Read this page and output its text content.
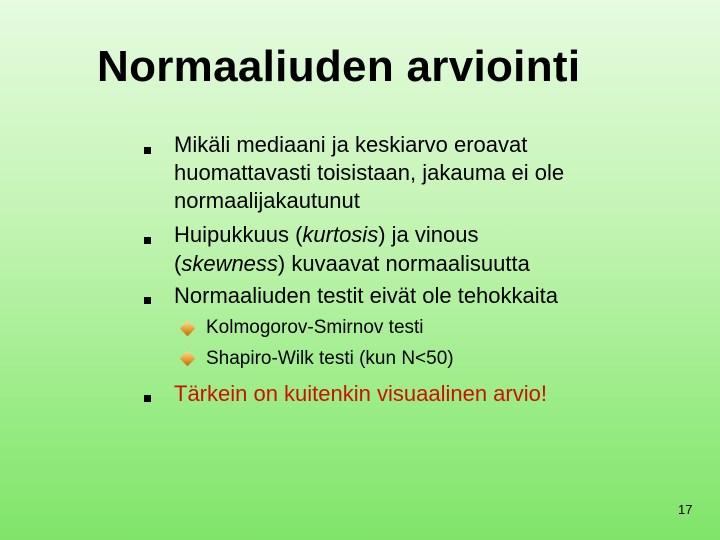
Normaaliuden arviointi
Mikäli mediaani ja keskiarvo eroavat
huomattavasti toisistaan, jakauma ei ole
normaalijakautunut
Huipukkuus (kurtosis) ja vinous
(skewness) kuvaavat normaalisuutta
Normaaliuden testit eivät ole tehokkaita
Kolmogorov-Smirnov testi
Shapiro-Wilk testi (kun N<50)
Tärkein on kuitenkin visuaalinen arvio!
17
